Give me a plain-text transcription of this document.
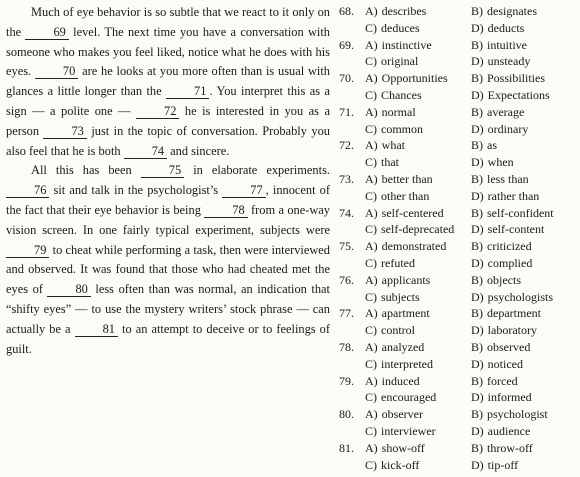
Much of eye behavior is so subtle that we react to it only on the 69 level. The next time you have a conversation with someone who makes you feel liked, notice what he does with his eyes. 70 are he looks at you more often than is usual with glances a little longer than the 71 . You interpret this as a sign — a polite one — 72 he is interested in you as a person 73 just in the topic of conversation. Probably you also feel that he is both 74 and sincere.

All this has been 75 in elaborate experiments. 76 sit and talk in the psychologist’s 77 , innocent of the fact that their eye behavior is being 78 from a one-way vision screen. In one fairly typical experiment, subjects were 79 to cheat while performing a task, then were interviewed and observed. It was found that those who had cheated met the eyes of 80 less often than was normal, an indication that “shifty eyes” — to use the mystery writers’ stock phrase — can actually be a 81 to an attempt to deceive or to feelings of guilt.

68. A) describes	B) designates
C) deduces	D) deducts
69. A) instinctive	B) intuitive
C) original	D) unsteady
70. A) Opportunities	B) Possibilities
C) Chances	D) Expectations
71. A) normal	B) average
C) common	D) ordinary
72. A) what	B) as
C) that	D) when
73. A) better than	B) less than
C) other than	D) rather than
74. A) self-centered	B) self-confident
C) self-deprecated	D) self-content
75. A) demonstrated	B) criticized
C) refuted	D) complied
76. A) applicants	B) objects
C) subjects	D) psychologists
77. A) apartment	B) department
C) control	D) laboratory
78. A) analyzed	B) observed
C) interpreted	D) noticed
79. A) induced	B) forced
C) encouraged	D) informed
80. A) observer	B) psychologist
C) interviewer	D) audience
81. A) show-off	B) throw-off
C) kick-off	D) tip-off
